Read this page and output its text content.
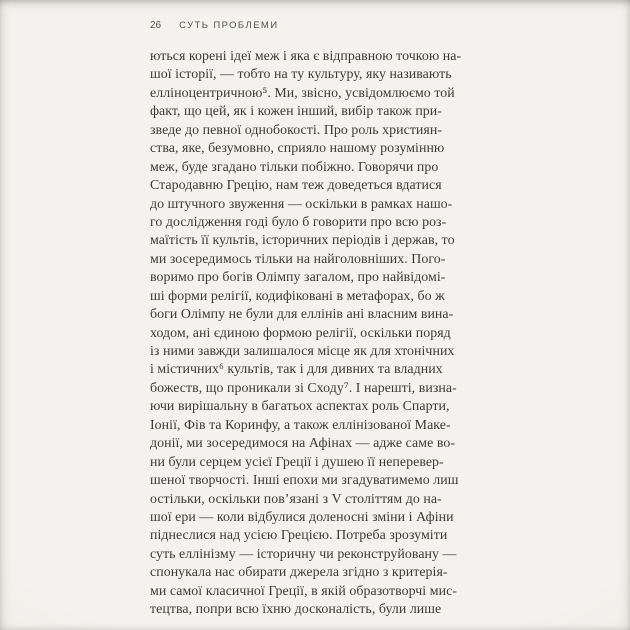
26 СУТЬ ПРОБЛЕМИ
ються корені ідеї меж і яка є відправною точкою на-
шої історії, — тобто на ту культуру, яку називають
елліноцентричною⁵. Ми, звісно, усвідомлюємо той
факт, що цей, як і кожен інший, вибір також при-
зведе до певної однобокості. Про роль християн-
ства, яке, безумовно, сприяло нашому розумінню
меж, буде згадано тільки побіжно. Говорячи про
Стародавню Грецію, нам теж доведеться вдатися
до штучного звуження — оскільки в рамках нашо-
го дослідження годі було б говорити про всю роз-
маїтість її культів, історичних періодів і держав, то
ми зосередимось тільки на найголовніших. Пого-
воримо про богів Олімпу загалом, про найвідомі-
ші форми релігії, кодифіковані в метафорах, бо ж
боги Олімпу не були для еллінів ані власним вина-
ходом, ані єдиною формою релігії, оскільки поряд
із ними завжди залишалося місце як для хтонічних
і містичних⁶ культів, так і для дивних та владних
божеств, що проникали зі Сходу⁷. І нарешті, визна-
ючи вирішальну в багатьох аспектах роль Спарти,
Іонії, Фів та Коринфу, а також еллінізованої Маке-
донії, ми зосередимося на Афінах — адже саме во-
ни були серцем усієї Греції і душею її неперевер-
шеної творчості. Інші епохи ми згадуватимемо лиш
остільки, оскільки пов’язані з V століттям до на-
шої ери — коли відбулися доленосні зміни і Афіни
піднеслися над усією Грецією. Потреба зрозуміти
суть еллінізму — історичну чи реконструйовану —
спонукала нас обирати джерела згідно з критерія-
ми самої класичної Греції, в якій образотворчі мис-
тецтва, попри всю їхню досконалість, були лише
